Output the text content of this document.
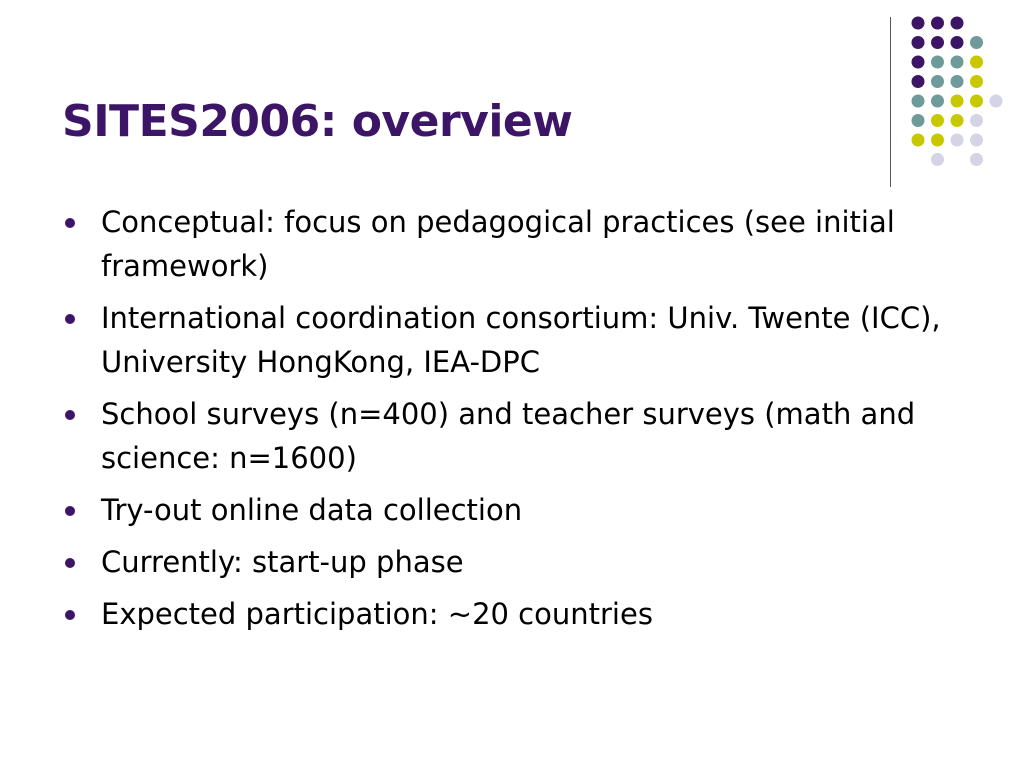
SITES2006: overview
Conceptual: focus on pedagogical practices (see initial framework)
International coordination consortium: Univ. Twente (ICC), University HongKong, IEA-DPC
School surveys (n=400) and teacher surveys (math and science: n=1600)
Try-out online data collection
Currently: start-up phase
Expected participation: ~20 countries
